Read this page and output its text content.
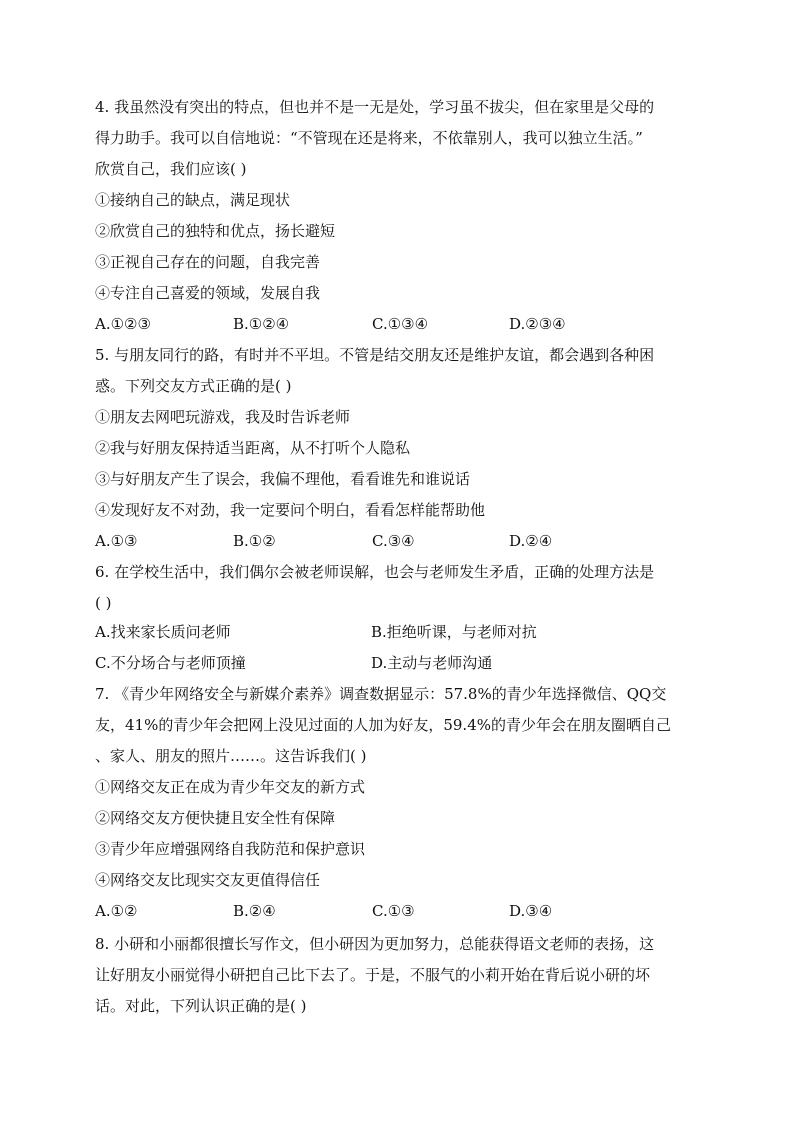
4. 我虽然没有突出的特点，但也并不是一无是处，学习虽不拔尖，但在家里是父母的
得力助手。我可以自信地说：“不管现在还是将来，不依靠别人，我可以独立生活。”
欣赏自己，我们应该( )
①接纳自己的缺点，满足现状
②欣赏自己的独特和优点，扬长避短
③正视自己存在的问题，自我完善
④专注自己喜爱的领域，发展自我
A.①②③	B.①②④	C.①③④	D.②③④
5. 与朋友同行的路，有时并不平坦。不管是结交朋友还是维护友谊，都会遇到各种困
惑。下列交友方式正确的是( )
①朋友去网吧玩游戏，我及时告诉老师
②我与好朋友保持适当距离，从不打听个人隐私
③与好朋友产生了误会，我偏不理他，看看谁先和谁说话
④发现好友不对劲，我一定要问个明白，看看怎样能帮助他
A.①③	B.①②	C.③④	D.②④
6. 在学校生活中，我们偶尔会被老师误解，也会与老师发生矛盾，正确的处理方法是
( )
A.找来家长质问老师	B.拒绝听课，与老师对抗
C.不分场合与老师顶撞	D.主动与老师沟通
7. 《青少年网络安全与新媒介素养》调查数据显示：57.8%的青少年选择微信、QQ交
友，41%的青少年会把网上没见过面的人加为好友，59.4%的青少年会在朋友圈晒自己
、家人、朋友的照片……。这告诉我们( )
①网络交友正在成为青少年交友的新方式
②网络交友方便快捷且安全性有保障
③青少年应增强网络自我防范和保护意识
④网络交友比现实交友更值得信任
A.①②	B.②④	C.①③	D.③④
8. 小研和小丽都很擅长写作文，但小研因为更加努力，总能获得语文老师的表扬，这
让好朋友小丽觉得小研把自己比下去了。于是，不服气的小莉开始在背后说小研的坏
话。对此，下列认识正确的是( )
